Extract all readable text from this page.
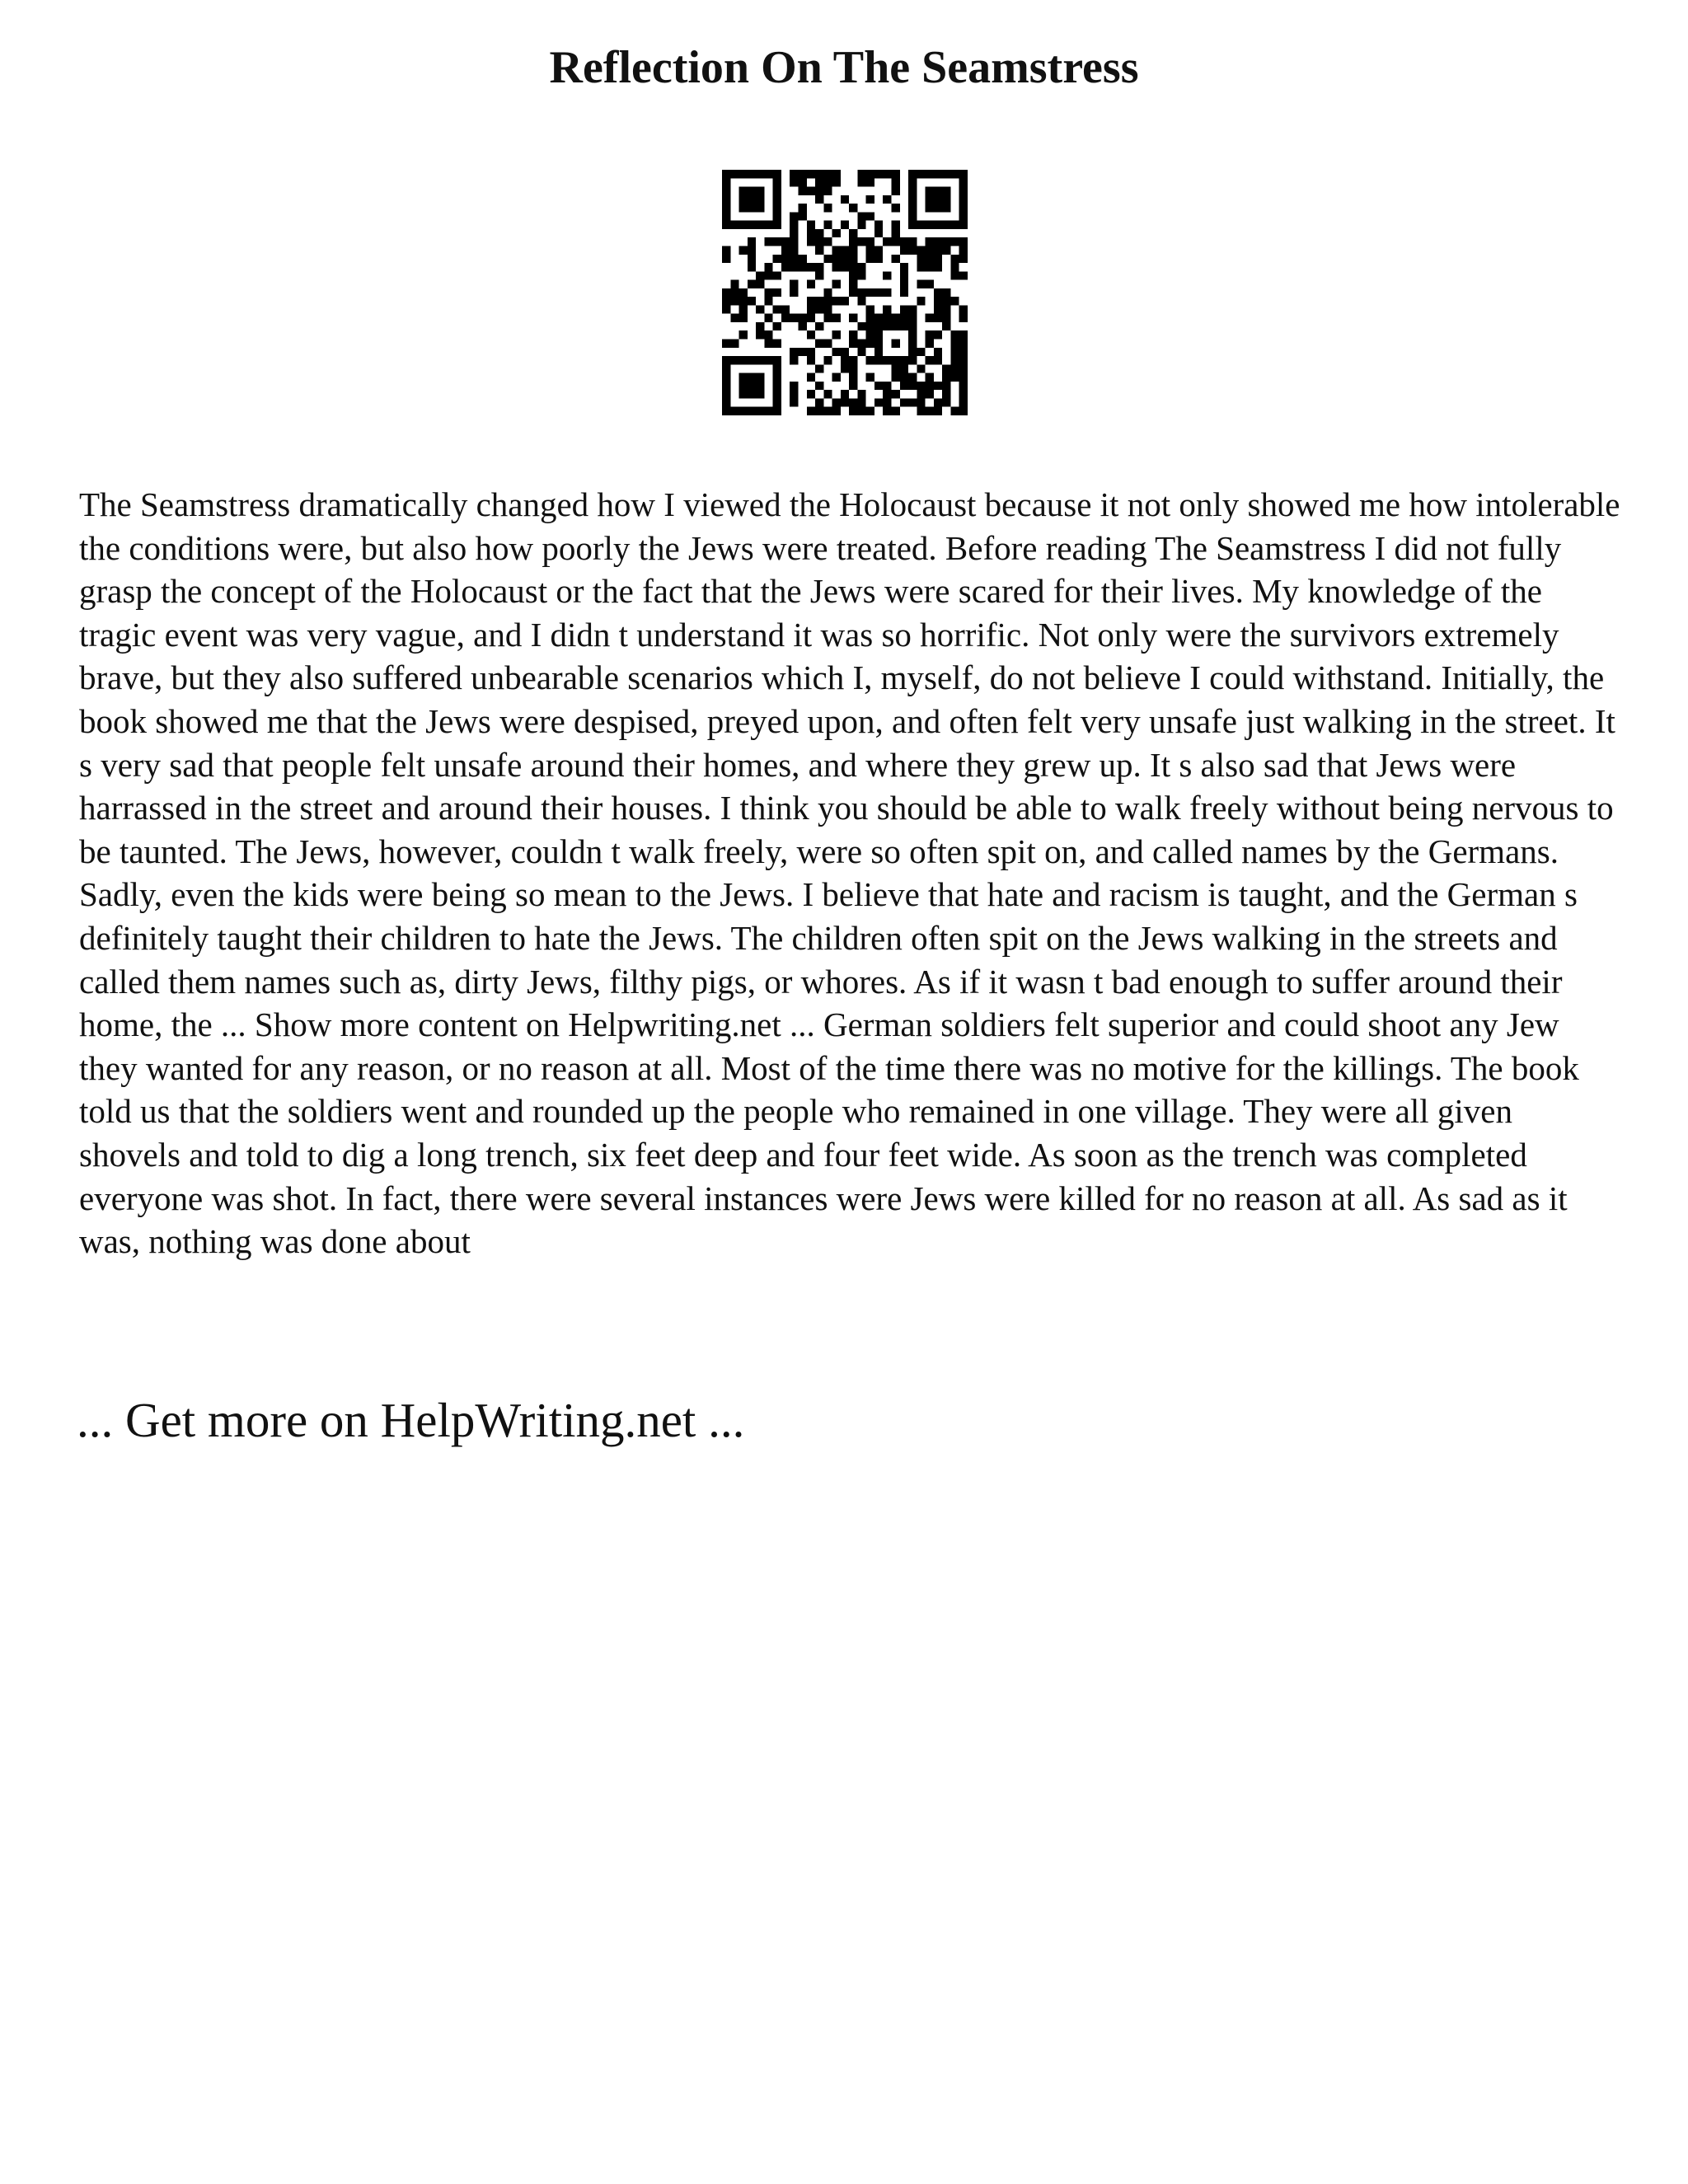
Reflection On The Seamstress

The Seamstress dramatically changed how I viewed the Holocaust because it not only showed me how intolerable the conditions were, but also how poorly the Jews were treated. Before reading The Seamstress I did not fully grasp the concept of the Holocaust or the fact that the Jews were scared for their lives. My knowledge of the tragic event was very vague, and I didn t understand it was so horrific. Not only were the survivors extremely brave, but they also suffered unbearable scenarios which I, myself, do not believe I could withstand. Initially, the book showed me that the Jews were despised, preyed upon, and often felt very unsafe just walking in the street. It s very sad that people felt unsafe around their homes, and where they grew up. It s also sad that Jews were harrassed in the street and around their houses. I think you should be able to walk freely without being nervous to be taunted. The Jews, however, couldn t walk freely, were so often spit on, and called names by the Germans. Sadly, even the kids were being so mean to the Jews. I believe that hate and racism is taught, and the German s definitely taught their children to hate the Jews. The children often spit on the Jews walking in the streets and called them names such as, dirty Jews, filthy pigs, or whores. As if it wasn t bad enough to suffer around their home, the ... Show more content on Helpwriting.net ... German soldiers felt superior and could shoot any Jew they wanted for any reason, or no reason at all. Most of the time there was no motive for the killings. The book told us that the soldiers went and rounded up the people who remained in one village. They were all given shovels and told to dig a long trench, six feet deep and four feet wide. As soon as the trench was completed everyone was shot. In fact, there were several instances were Jews were killed for no reason at all. As sad as it was, nothing was done about

... Get more on HelpWriting.net ...
